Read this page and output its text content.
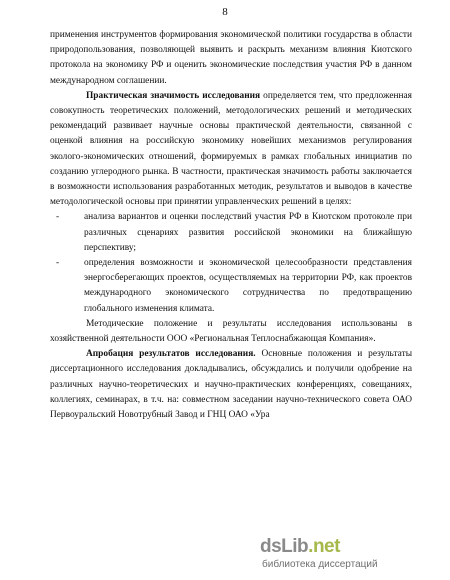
8

применения инструментов формирования экономической политики государства в области природопользования, позволяющей выявить и раскрыть механизм влияния Киотского протокола на экономику РФ и оценить экономические последствия участия РФ в данном международном соглашении.

Практическая значимость исследования определяется тем, что предложенная совокупность теоретических положений, методологических решений и методических рекомендаций развивает научные основы практической деятельности, связанной с оценкой влияния на российскую экономику новейших механизмов регулирования эколого-экономических отношений, формируемых в рамках глобальных инициатив по созданию углеродного рынка. В частности, практическая значимость работы заключается в возможности использования разработанных методик, результатов и выводов в качестве методологической основы при принятии управленческих решений в целях:

-	анализа вариантов и оценки последствий участия РФ в Киотском протоколе при различных сценариях развития российской экономики на ближайшую перспективу;
-	определения возможности и экономической целесообразности представления энергосберегающих проектов, осуществляемых на территории РФ, как проектов международного экономического сотрудничества по предотвращению глобального изменения климата.

Методические положение и результаты исследования использованы в хозяйственной деятельности ООО «Региональная Теплоснабжающая Компания».

Апробация результатов исследования. Основные положения и результаты диссертационного исследования докладывались, обсуждались и получили одобрение на различных научно-теоретических и научно-практических конференциях, совещаниях, коллегиях, семинарах, в т.ч. на: совместном заседании научно-технического совета ОАО Первоуральский Новотрубный Завод и ГНЦ ОАО «Ура

dsLib.net
библиотека диссертаций
